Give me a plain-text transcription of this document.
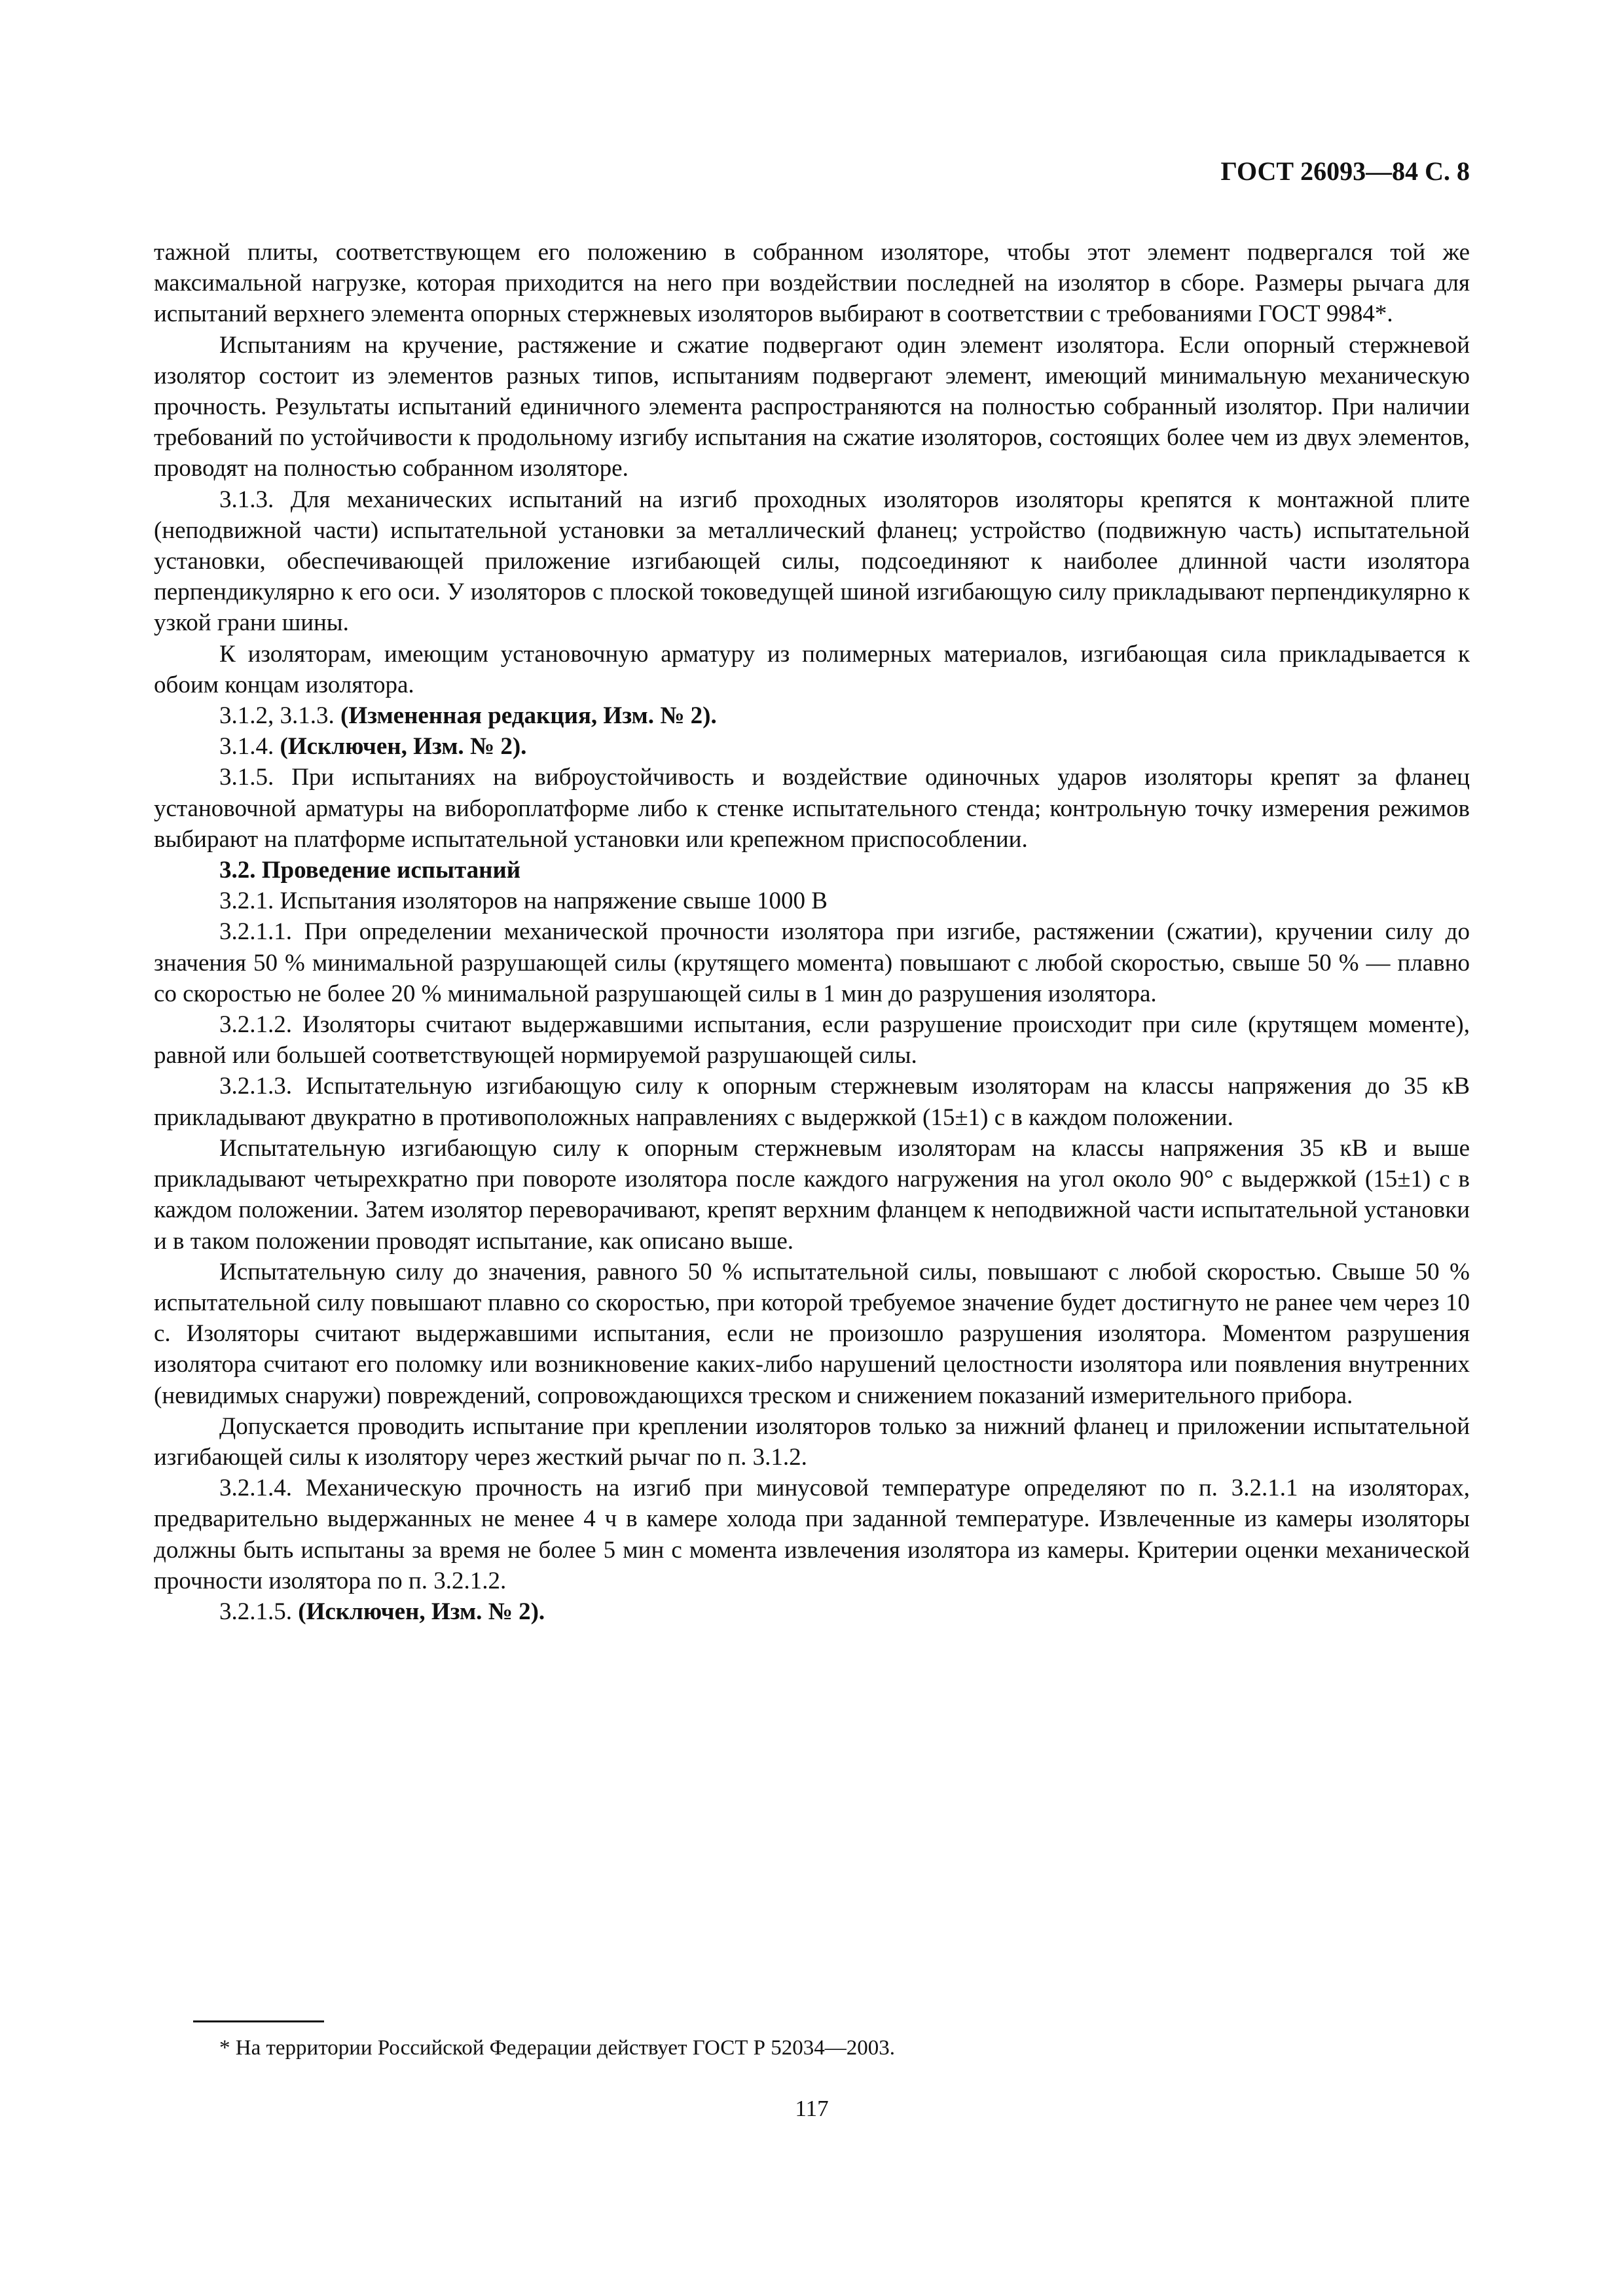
ГОСТ 26093—84 С. 8

тажной плиты, соответствующем его положению в собранном изоляторе, чтобы этот элемент подвергался той же максимальной нагрузке, которая приходится на него при воздействии последней на изолятор в сборе. Размеры рычага для испытаний верхнего элемента опорных стержневых изоляторов выбирают в соответствии с требованиями ГОСТ 9984*.

Испытаниям на кручение, растяжение и сжатие подвергают один элемент изолятора. Если опорный стержневой изолятор состоит из элементов разных типов, испытаниям подвергают элемент, имеющий минимальную механическую прочность. Результаты испытаний единичного элемента распространяются на полностью собранный изолятор. При наличии требований по устойчивости к продольному изгибу испытания на сжатие изоляторов, состоящих более чем из двух элементов, проводят на полностью собранном изоляторе.

3.1.3. Для механических испытаний на изгиб проходных изоляторов изоляторы крепятся к монтажной плите (неподвижной части) испытательной установки за металлический фланец; устройство (подвижную часть) испытательной установки, обеспечивающей приложение изгибающей силы, подсоединяют к наиболее длинной части изолятора перпендикулярно к его оси. У изоляторов с плоской токоведущей шиной изгибающую силу прикладывают перпендикулярно к узкой грани шины.

К изоляторам, имеющим установочную арматуру из полимерных материалов, изгибающая сила прикладывается к обоим концам изолятора.

3.1.2, 3.1.3. (Измененная редакция, Изм. № 2).

3.1.4. (Исключен, Изм. № 2).

3.1.5. При испытаниях на виброустойчивость и воздействие одиночных ударов изоляторы крепят за фланец установочной арматуры на вибороплатформе либо к стенке испытательного стенда; контрольную точку измерения режимов выбирают на платформе испытательной установки или крепежном приспособлении.

3.2. Проведение испытаний

3.2.1. Испытания изоляторов на напряжение свыше 1000 В

3.2.1.1. При определении механической прочности изолятора при изгибе, растяжении (сжатии), кручении силу до значения 50 % минимальной разрушающей силы (крутящего момента) повышают с любой скоростью, свыше 50 % — плавно со скоростью не более 20 % минимальной разрушающей силы в 1 мин до разрушения изолятора.

3.2.1.2. Изоляторы считают выдержавшими испытания, если разрушение происходит при силе (крутящем моменте), равной или большей соответствующей нормируемой разрушающей силы.

3.2.1.3. Испытательную изгибающую силу к опорным стержневым изоляторам на классы напряжения до 35 кВ прикладывают двукратно в противоположных направлениях с выдержкой (15±1) с в каждом положении.

Испытательную изгибающую силу к опорным стержневым изоляторам на классы напряжения 35 кВ и выше прикладывают четырехкратно при повороте изолятора после каждого нагружения на угол около 90° с выдержкой (15±1) с в каждом положении. Затем изолятор переворачивают, крепят верхним фланцем к неподвижной части испытательной установки и в таком положении проводят испытание, как описано выше.

Испытательную силу до значения, равного 50 % испытательной силы, повышают с любой скоростью. Свыше 50 % испытательной силу повышают плавно со скоростью, при которой требуемое значение будет достигнуто не ранее чем через 10 с. Изоляторы считают выдержавшими испытания, если не произошло разрушения изолятора. Моментом разрушения изолятора считают его поломку или возникновение каких-либо нарушений целостности изолятора или появления внутренних (невидимых снаружи) повреждений, сопровождающихся треском и снижением показаний измерительного прибора.

Допускается проводить испытание при креплении изоляторов только за нижний фланец и приложении испытательной изгибающей силы к изолятору через жесткий рычаг по п. 3.1.2.

3.2.1.4. Механическую прочность на изгиб при минусовой температуре определяют по п. 3.2.1.1 на изоляторах, предварительно выдержанных не менее 4 ч в камере холода при заданной температуре. Извлеченные из камеры изоляторы должны быть испытаны за время не более 5 мин с момента извлечения изолятора из камеры. Критерии оценки механической прочности изолятора по п. 3.2.1.2.

3.2.1.5. (Исключен, Изм. № 2).

* На территории Российской Федерации действует ГОСТ Р 52034—2003.
117
